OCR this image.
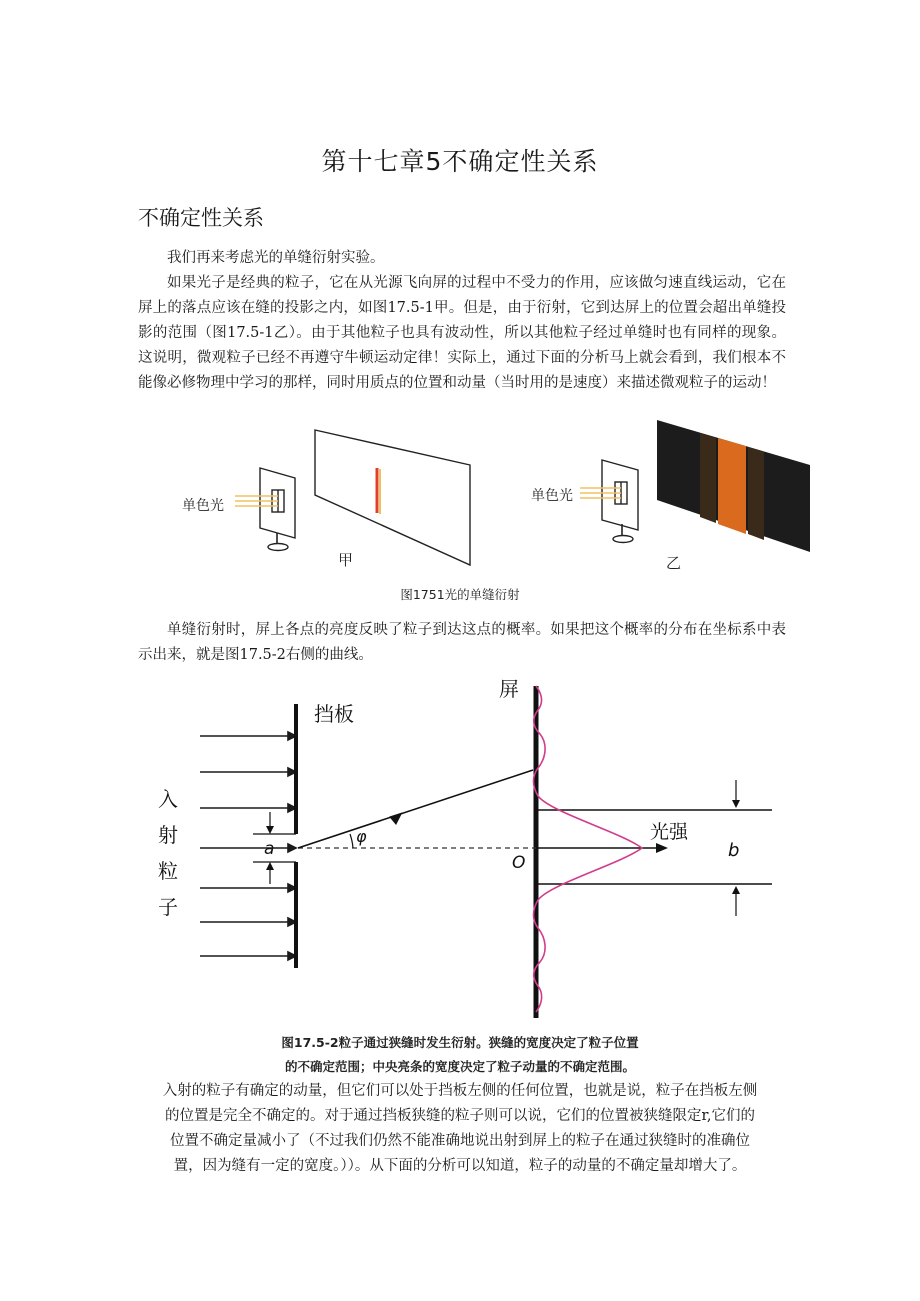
第十七章5不确定性关系
不确定性关系
我们再来考虑光的单缝衍射实验。
如果光子是经典的粒子，它在从光源飞向屏的过程中不受力的作用，应该做匀速直线运动，它在屏上的落点应该在缝的投影之内，如图17.5-1甲。但是，由于衍射，它到达屏上的位置会超出单缝投影的范围（图17.5-1乙）。由于其他粒子也具有波动性，所以其他粒子经过单缝时也有同样的现象。这说明，微观粒子已经不再遵守牛顿运动定律！实际上，通过下面的分析马上就会看到，我们根本不能像必修物理中学习的那样，同时用质点的位置和动量（当时用的是速度）来描述微观粒子的运动！
单色光
甲
单色光
乙
图1751光的单缝衍射
单缝衍射时，屏上各点的亮度反映了粒子到达这点的概率。如果把这个概率的分布在坐标系中表示出来，就是图17.5-2右侧的曲线。
挡板
屏
入
射
粒
子
a
φ
O
光强
b
图17.5-2粒子通过狭缝时发生衍射。狭缝的宽度决定了粒子位置
的不确定范围；中央亮条的宽度决定了粒子动量的不确定范围。
入射的粒子有确定的动量，但它们可以处于挡板左侧的任何位置，也就是说，粒子在挡板左侧
的位置是完全不确定的。对于通过挡板狭缝的粒子则可以说，它们的位置被狭缝限定r,它们的
位置不确定量减小了（不过我们仍然不能准确地说出射到屏上的粒子在通过狭缝时的准确位
置，因为缝有一定的宽度。））。从下面的分析可以知道，粒子的动量的不确定量却增大了。
